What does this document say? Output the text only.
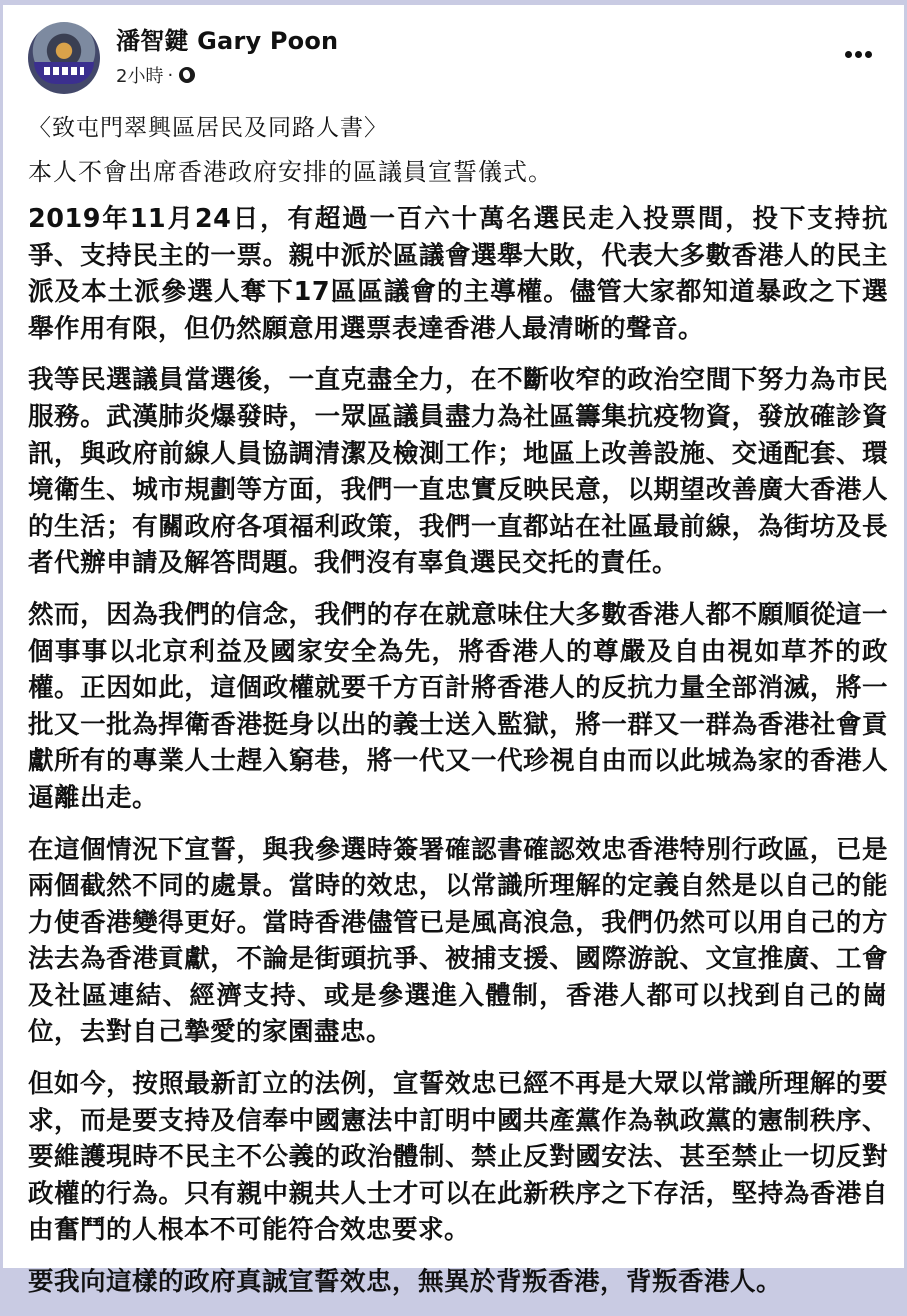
潘智鍵 Gary Poon
2小時 ·
〈致屯門翠興區居民及同路人書〉
本人不會出席香港政府安排的區議員宣誓儀式。

2019年11月24日，有超過一百六十萬名選民走入投票間，投下支持抗爭、支持民主的一票。親中派於區議會選舉大敗，代表大多數香港人的民主派及本土派參選人奪下17區區議會的主導權。儘管大家都知道暴政之下選舉作用有限，但仍然願意用選票表達香港人最清晰的聲音。

我等民選議員當選後，一直克盡全力，在不斷收窄的政治空間下努力為市民服務。武漢肺炎爆發時，一眾區議員盡力為社區籌集抗疫物資，發放確診資訊，與政府前線人員協調清潔及檢測工作；地區上改善設施、交通配套、環境衛生、城市規劃等方面，我們一直忠實反映民意，以期望改善廣大香港人的生活；有關政府各項福利政策，我們一直都站在社區最前線，為街坊及長者代辦申請及解答問題。我們沒有辜負選民交托的責任。

然而，因為我們的信念，我們的存在就意味住大多數香港人都不願順從這一個事事以北京利益及國家安全為先，將香港人的尊嚴及自由視如草芥的政權。正因如此，這個政權就要千方百計將香港人的反抗力量全部消滅，將一批又一批為捍衛香港挺身以出的義士送入監獄，將一群又一群為香港社會貢獻所有的專業人士趕入窮巷，將一代又一代珍視自由而以此城為家的香港人逼離出走。

在這個情況下宣誓，與我參選時簽署確認書確認效忠香港特別行政區，已是兩個截然不同的處景。當時的效忠，以常識所理解的定義自然是以自己的能力使香港變得更好。當時香港儘管已是風高浪急，我們仍然可以用自己的方法去為香港貢獻，不論是街頭抗爭、被捕支援、國際游說、文宣推廣、工會及社區連結、經濟支持、或是參選進入體制，香港人都可以找到自己的崗位，去對自己摯愛的家園盡忠。

但如今，按照最新訂立的法例，宣誓效忠已經不再是大眾以常識所理解的要求，而是要支持及信奉中國憲法中訂明中國共產黨作為執政黨的憲制秩序、要維護現時不民主不公義的政治體制、禁止反對國安法、甚至禁止一切反對政權的行為。只有親中親共人士才可以在此新秩序之下存活，堅持為香港自由奮鬥的人根本不可能符合效忠要求。

要我向這樣的政府真誠宣誓效忠，無異於背叛香港，背叛香港人。
